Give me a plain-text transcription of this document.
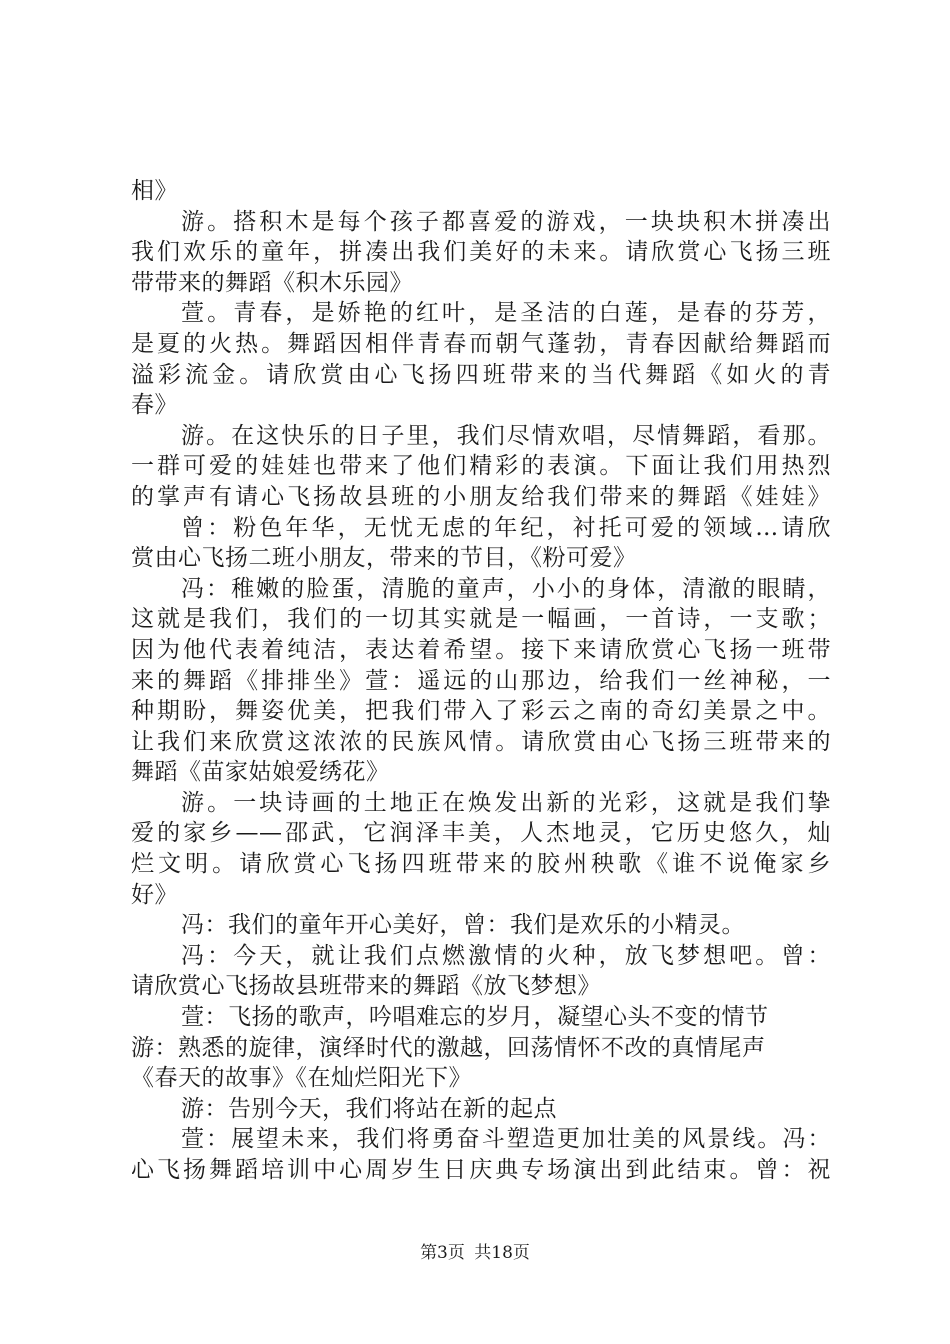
相》
游。搭积木是每个孩子都喜爱的游戏，一块块积木拼凑出
我们欢乐的童年，拼凑出我们美好的未来。请欣赏心飞扬三班
带带来的舞蹈《积木乐园》
萱。青春，是娇艳的红叶，是圣洁的白莲，是春的芬芳，
是夏的火热。舞蹈因相伴青春而朝气蓬勃，青春因献给舞蹈而
溢彩流金。请欣赏由心飞扬四班带来的当代舞蹈《如火的青
春》
游。在这快乐的日子里，我们尽情欢唱，尽情舞蹈，看那。
一群可爱的娃娃也带来了他们精彩的表演。下面让我们用热烈
的掌声有请心飞扬故县班的小朋友给我们带来的舞蹈《娃娃》
曾：粉色年华，无忧无虑的年纪，衬托可爱的领域…请欣
赏由心飞扬二班小朋友，带来的节目，《粉可爱》
冯：稚嫩的脸蛋，清脆的童声，小小的身体，清澈的眼睛，
这就是我们，我们的一切其实就是一幅画，一首诗，一支歌；
因为他代表着纯洁，表达着希望。接下来请欣赏心飞扬一班带
来的舞蹈《排排坐》萱：遥远的山那边，给我们一丝神秘，一
种期盼，舞姿优美，把我们带入了彩云之南的奇幻美景之中。
让我们来欣赏这浓浓的民族风情。请欣赏由心飞扬三班带来的
舞蹈《苗家姑娘爱绣花》
游。一块诗画的土地正在焕发出新的光彩，这就是我们挚
爱的家乡——邵武，它润泽丰美，人杰地灵，它历史悠久，灿
烂文明。请欣赏心飞扬四班带来的胶州秧歌《谁不说俺家乡
好》
冯：我们的童年开心美好，曾：我们是欢乐的小精灵。
冯：今天，就让我们点燃激情的火种，放飞梦想吧。曾：
请欣赏心飞扬故县班带来的舞蹈《放飞梦想》
萱：飞扬的歌声，吟唱难忘的岁月，凝望心头不变的情节
游：熟悉的旋律，演绎时代的激越，回荡情怀不改的真情尾声
《春天的故事》《在灿烂阳光下》
游：告别今天，我们将站在新的起点
萱：展望未来，我们将勇奋斗塑造更加壮美的风景线。冯：
心飞扬舞蹈培训中心周岁生日庆典专场演出到此结束。曾：祝
第3页 共18页
